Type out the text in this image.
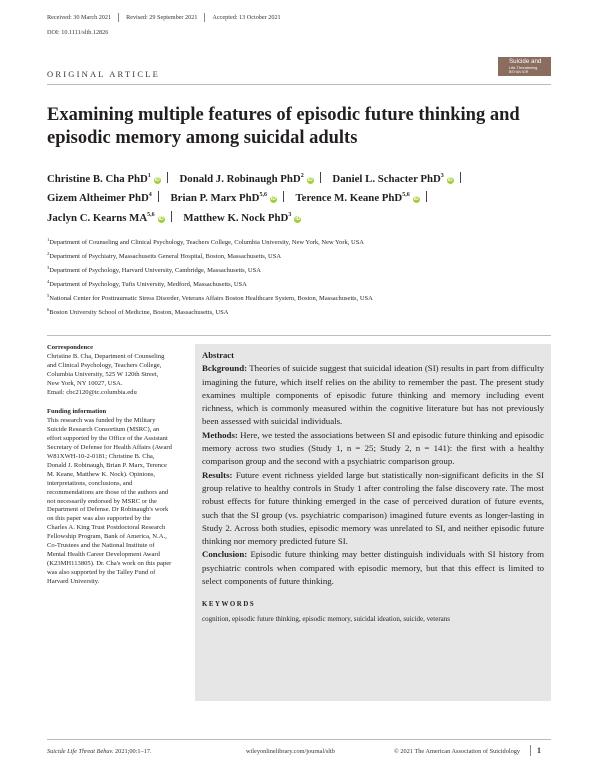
Received: 30 March 2021 Revised: 29 September 2021 Accepted: 13 October 2021
DOI: 10.1111/sltb.12826
ORIGINAL ARTICLE
Suicide and
Life-Threatening
BEHAVIOR
Examining multiple features of episodic future thinking and episodic memory among suicidal adults
Christine B. Cha PhD$^1$iD Donald J. Robinaugh PhD$^2$iD Daniel L. Schacter PhD$^3$iD
Gizem Altheimer PhD$^4$ Brian P. Marx PhD$^{5,6}$iD Terence M. Keane PhD$^{5,6}$iD
Jaclyn C. Kearns MA$^{5,6}$iD Matthew K. Nock PhD$^3$iD
$^1$Department of Counseling and Clinical Psychology, Teachers College, Columbia University, New York, New York, USA
$^2$Department of Psychiatry, Massachusetts General Hospital, Boston, Massachusetts, USA
$^3$Department of Psychology, Harvard University, Cambridge, Massachusetts, USA
$^4$Department of Psychology, Tufts University, Medford, Massachusetts, USA
$^5$National Center for Posttraumatic Stress Disorder, Veterans Affairs Boston Healthcare System, Boston, Massachusetts, USA
$^6$Boston University School of Medicine, Boston, Massachusetts, USA
Correspondence

Christine B. Cha, Department of Counseling and Clinical Psychology, Teachers College, Columbia University, 525 W 120th Street, New York, NY 10027, USA.

Email: cbc2120@tc.columbia.edu

Funding information

This research was funded by the Military Suicide Research Consortium (MSRC), an effort supported by the Office of the Assistant Secretary of Defense for Health Affairs (Award W81XWH-10-2-0181; Christine B. Cha, Donald J. Robinaugh, Brian P. Marx, Terence M. Keane, Matthew K. Nock). Opinions, interpretations, conclusions, and recommendations are those of the authors and not necessarily endorsed by MSRC or the Department of Defense. Dr Robinaugh's work on this paper was also supported by the Charles A. King Trust Postdoctoral Research Fellowship Program, Bank of America, N.A., Co-Trustees and the National Institute of Mental Health Career Development Award (K23MH113805). Dr. Cha's work on this paper was also supported by the Talley Fund of Harvard University.

Abstract

Bckground: Theories of suicide suggest that suicidal ideation (SI) results in part from difficulty imagining the future, which itself relies on the ability to remember the past. The present study examines multiple components of episodic future thinking and memory including event richness, which is commonly measured within the cognitive literature but has not previously been assessed with suicidal individuals.

Methods: Here, we tested the associations between SI and episodic future thinking and episodic memory across two studies (Study 1, n = 25; Study 2, n = 141): the first with a healthy comparison group and the second with a psychiatric comparison group.

Results: Future event richness yielded large but statistically non-significant deficits in the SI group relative to healthy controls in Study 1 after controling the false discovery rate. The most robust effects for future thinking emerged in the case of perceived duration of future events, such that the SI group (vs. psychiatric comparison) imagined future events as longer-lasting in Study 2. Across both studies, episodic memory was unrelated to SI, and neither episodic future thinking nor memory predicted future SI.

Conclusion: Episodic future thinking may better distinguish individuals with SI history from psychiatric controls when compared with episodic memory, but that this effect is limited to select components of future thinking.

KEYWORDS
cognition, episodic future thinking, episodic memory, suicidal ideation, suicide, veterans
Suicide Life Threat Behav. 2021;00:1–17.	wileyonlinelibrary.com/journal/sltb	© 2021 The American Association of Suicidology 1
